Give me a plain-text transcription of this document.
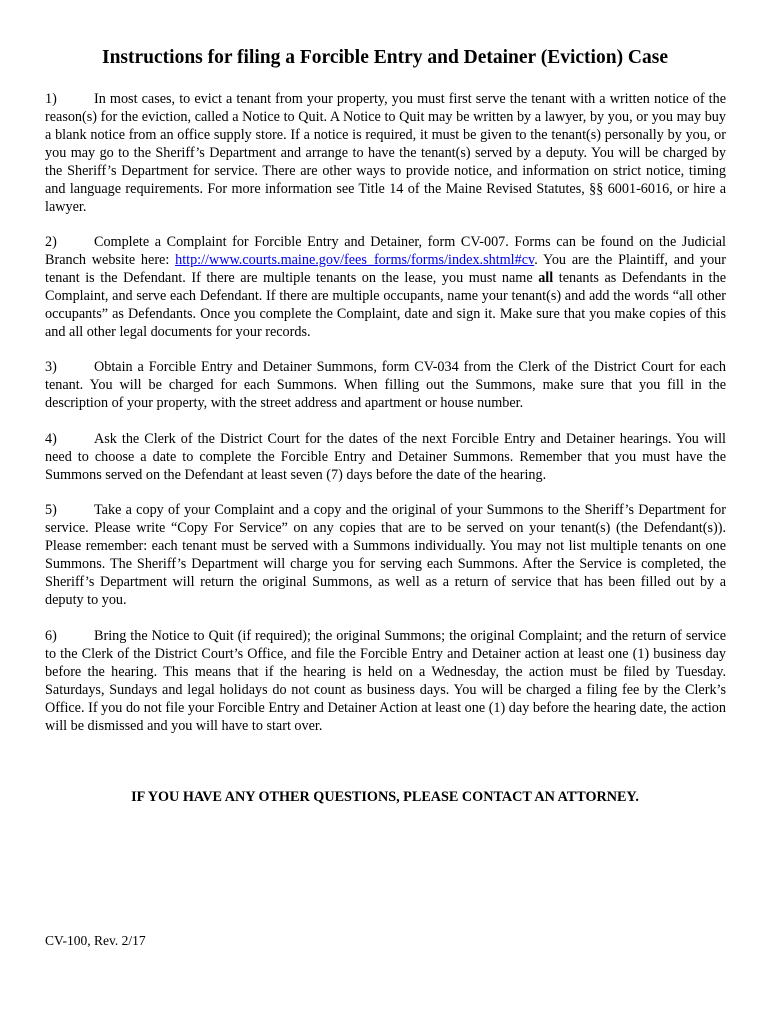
Instructions for filing a Forcible Entry and Detainer (Eviction) Case

1)	In most cases, to evict a tenant from your property, you must first serve the tenant with a written notice of the reason(s) for the eviction, called a Notice to Quit. A Notice to Quit may be written by a lawyer, by you, or you may buy a blank notice from an office supply store. If a notice is required, it must be given to the tenant(s) personally by you, or you may go to the Sheriff’s Department and arrange to have the tenant(s) served by a deputy. You will be charged by the Sheriff’s Department for service. There are other ways to provide notice, and information on strict notice, timing and language requirements. For more information see Title 14 of the Maine Revised Statutes, §§ 6001-6016, or hire a lawyer.

2)	Complete a Complaint for Forcible Entry and Detainer, form CV-007. Forms can be found on the Judicial Branch website here: http://www.courts.maine.gov/fees_forms/forms/index.shtml#cv. You are the Plaintiff, and your tenant is the Defendant. If there are multiple tenants on the lease, you must name all tenants as Defendants in the Complaint, and serve each Defendant. If there are multiple occupants, name your tenant(s) and add the words “all other occupants” as Defendants. Once you complete the Complaint, date and sign it. Make sure that you make copies of this and all other legal documents for your records.

3)	Obtain a Forcible Entry and Detainer Summons, form CV-034 from the Clerk of the District Court for each tenant. You will be charged for each Summons. When filling out the Summons, make sure that you fill in the description of your property, with the street address and apartment or house number.

4)	Ask the Clerk of the District Court for the dates of the next Forcible Entry and Detainer hearings. You will need to choose a date to complete the Forcible Entry and Detainer Summons. Remember that you must have the Summons served on the Defendant at least seven (7) days before the date of the hearing.

5)	Take a copy of your Complaint and a copy and the original of your Summons to the Sheriff’s Department for service. Please write “Copy For Service” on any copies that are to be served on your tenant(s) (the Defendant(s)). Please remember: each tenant must be served with a Summons individually. You may not list multiple tenants on one Summons. The Sheriff’s Department will charge you for serving each Summons. After the Service is completed, the Sheriff’s Department will return the original Summons, as well as a return of service that has been filled out by a deputy to you.

6)	Bring the Notice to Quit (if required); the original Summons; the original Complaint; and the return of service to the Clerk of the District Court’s Office, and file the Forcible Entry and Detainer action at least one (1) business day before the hearing. This means that if the hearing is held on a Wednesday, the action must be filed by Tuesday. Saturdays, Sundays and legal holidays do not count as business days. You will be charged a filing fee by the Clerk’s Office. If you do not file your Forcible Entry and Detainer Action at least one (1) day before the hearing date, the action will be dismissed and you will have to start over.

IF YOU HAVE ANY OTHER QUESTIONS, PLEASE CONTACT AN ATTORNEY.

CV-100, Rev. 2/17
